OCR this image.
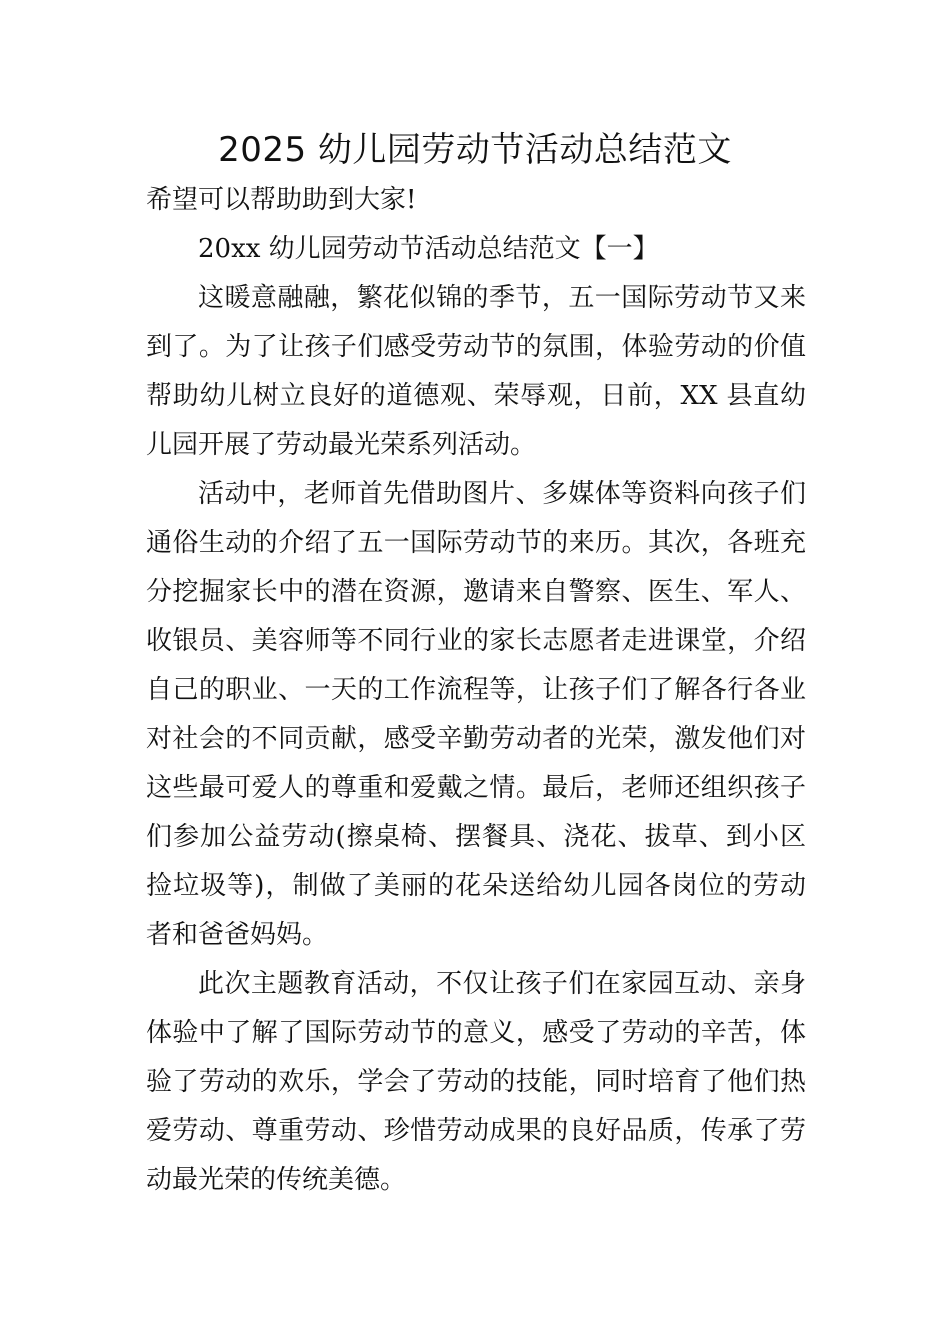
2025 幼儿园劳动节活动总结范文

希望可以帮助助到大家!

20xx 幼儿园劳动节活动总结范文【一】

这暖意融融，繁花似锦的季节，五一国际劳动节又来到了。为了让孩子们感受劳动节的氛围，体验劳动的价值帮助幼儿树立良好的道德观、荣辱观，日前，XX 县直幼儿园开展了劳动最光荣系列活动。

活动中，老师首先借助图片、多媒体等资料向孩子们通俗生动的介绍了五一国际劳动节的来历。其次，各班充分挖掘家长中的潜在资源，邀请来自警察、医生、军人、收银员、美容师等不同行业的家长志愿者走进课堂，介绍自己的职业、一天的工作流程等，让孩子们了解各行各业对社会的不同贡献，感受辛勤劳动者的光荣，激发他们对这些最可爱人的尊重和爱戴之情。最后，老师还组织孩子们参加公益劳动(擦桌椅、摆餐具、浇花、拔草、到小区捡垃圾等)，制做了美丽的花朵送给幼儿园各岗位的劳动者和爸爸妈妈。

此次主题教育活动，不仅让孩子们在家园互动、亲身体验中了解了国际劳动节的意义，感受了劳动的辛苦，体验了劳动的欢乐，学会了劳动的技能，同时培育了他们热爱劳动、尊重劳动、珍惜劳动成果的良好品质，传承了劳动最光荣的传统美德。
